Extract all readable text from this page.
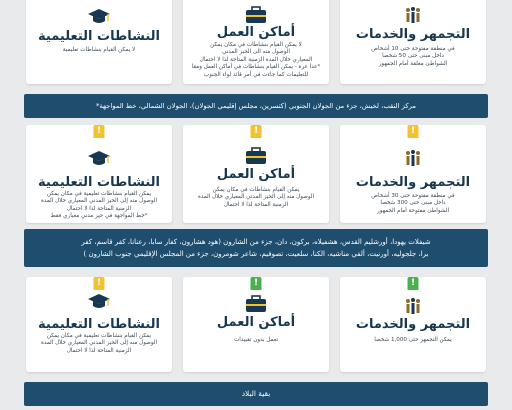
التجمهر والخدمات
في منطقة مفتوحة حتى 10 أشخاص
داخل مبنى حتى 50 شخصا
الشواطئ مغلقة أمام الجمهور
أماكن العمل
لا يمكن القيام بنشاطات في مكان يمكن
الوصول منه الى الحيز المدني
المعياري خلال المدة الزمنية المتاحة لذا لا احتمال
*عدا عرة - يمكن القيام بنشاطات في أماكن العمل ومقا
للتعليمات كما جاءت في أمر قائد لواء الجنوب
النشاطات التعليمية
لا يمكن القيام بنشاطات تعليمية
مركز النقب، لخيش، جزء من الجولان الجنوبي (كتسرين، مجلس إقليمي الجولان)، الجولان الشمالي، خط المواجهة*
!
التجمهر والخدمات
في منطقة مفتوحة حتى 30 أشخاص
داخل مبنى حتى 300 شخصا
الشواطئ مفتوحة أمام الجمهور
!
أماكن العمل
يمكن القيام بنشاطات في مكان يمكن
الوصول منه إلى الحيز المدني المعياري خلال المدة
الزمنية المتاحة لذا لا احتمال
!
النشاطات التعليمية
يمكن القيام بنشاطات تعليمية في مكان يمكن
الوصول منه إلى الحيز المدني المعياري خلال المدة
الزمنية المتاحة لذا لا احتمال
*خط المواجهة في حيز مدني معياري فقط
شيفلات يهودا، أورشليم القدس، هشفيلاه، بركون، دان، جزء من الشارون (هود هشارون، كفار سابا، رعنانا، كفر قاسم، كفر
برا، جلجوليه، أورنيت، ألفي مناشيه، الكنا، سلعيت، تصوفيم، شاعر شومرون، جزء من المجلس الإقليمي جنوب الشارون )
!
التجمهر والخدمات
يمكن التجمهر حتى 1,000 شخصا
!
أماكن العمل
تعمل بدون تقييدات
!
النشاطات التعليمية
يمكن القيام بنشاطات تعليمية في مكان يمكن
الوصول منه إلى الحيز المدني المعياري خلال المدة
الزمنية المتاحة لذا لا احتمال
بقية البلاد
